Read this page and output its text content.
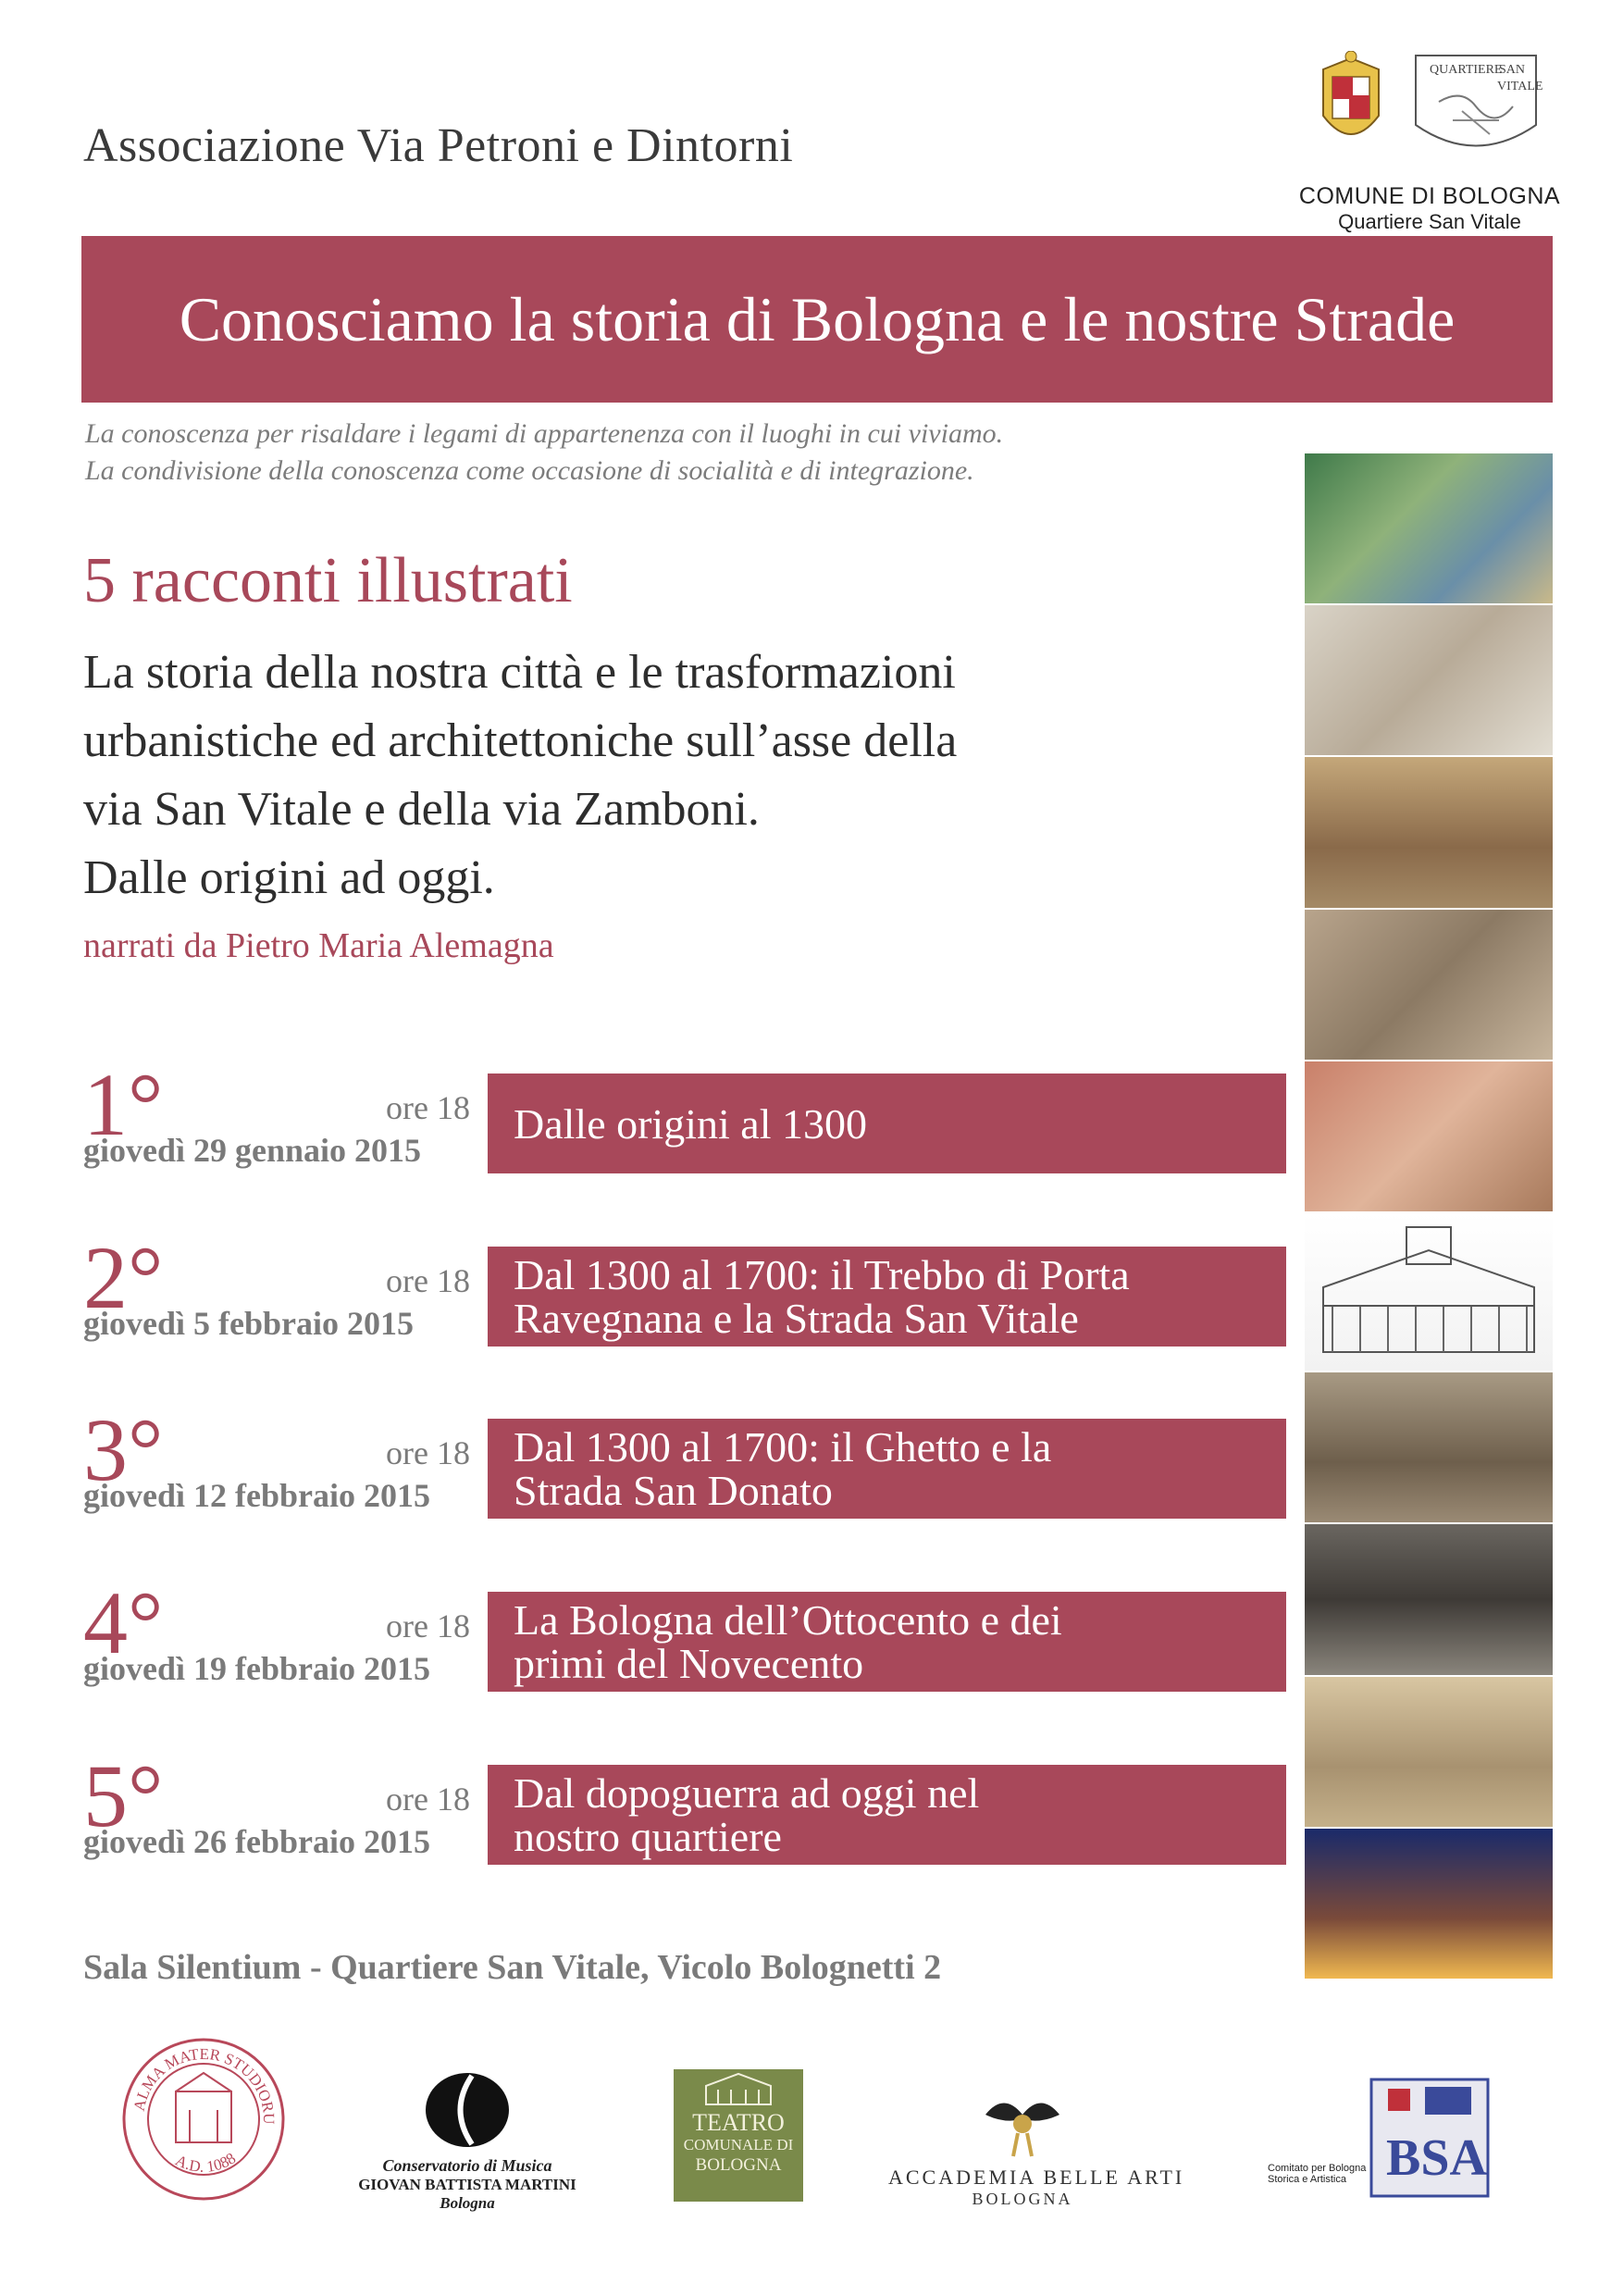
Associazione Via Petroni e Dintorni
QUARTIERE
SAN
VITALE
COMUNE DI BOLOGNA
Quartiere San Vitale
Conosciamo la storia di Bologna e le nostre Strade
La conoscenza per risaldare i legami di appartenenza con il luoghi in cui viviamo.
La condivisione della conoscenza come occasione di socialità e di integrazione.
5 racconti illustrati
La storia della nostra città e le trasformazioni
urbanistiche ed architettoniche sull’asse della
via San Vitale e della via Zamboni.
Dalle origini ad oggi.
narrati da Pietro Maria Alemagna
1°	ore 18
giovedì 29 gennaio 2015
Dalle origini al 1300
2°	ore 18
giovedì 5 febbraio 2015
Dal 1300 al 1700: il Trebbo di Porta
Ravegnana e la Strada San Vitale
3°	ore 18
giovedì 12 febbraio 2015
Dal 1300 al 1700: il Ghetto e la
Strada San Donato
4°	ore 18
giovedì 19 febbraio 2015
La Bologna dell’Ottocento e dei
primi del Novecento
5°	ore 18
giovedì 26 febbraio 2015
Dal dopoguerra ad oggi nel
nostro quartiere
Sala Silentium - Quartiere San Vitale, Vicolo Bolognetti 2
ALMA MATER STUDIORU
A.D. 1088	Conservatorio di Musica
GIOVAN BATTISTA MARTINI
Bologna
TEATRO
COMUNALE DI
BOLOGNA
ACCADEMIA BELLE ARTI
BOLOGNA
BSA
Comitato per Bologna
Storica e Artistica
